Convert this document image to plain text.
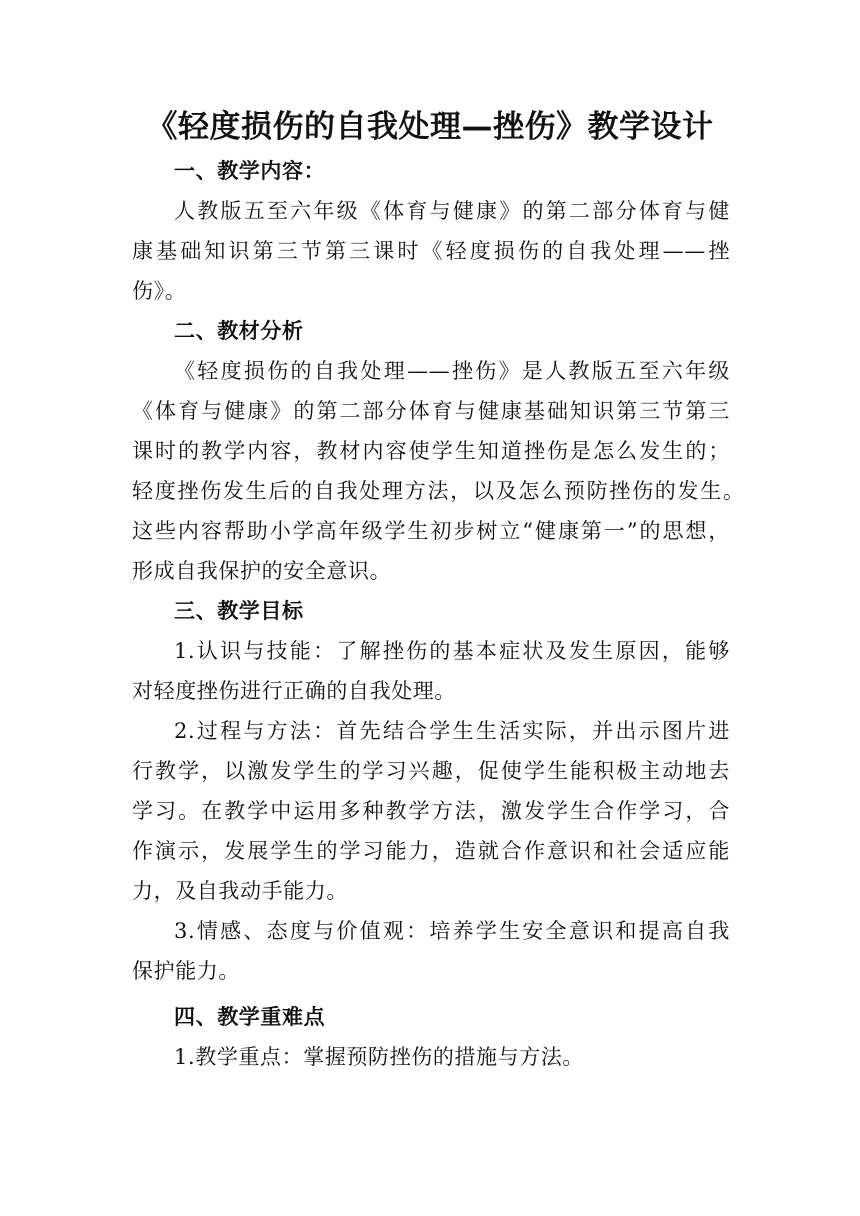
《轻度损伤的自我处理—挫伤》教学设计
一、教学内容：
人教版五至六年级《体育与健康》的第二部分体育与健
康基础知识第三节第三课时《轻度损伤的自我处理——挫
伤》。
二、教材分析
《轻度损伤的自我处理——挫伤》是人教版五至六年级
《体育与健康》的第二部分体育与健康基础知识第三节第三
课时的教学内容，教材内容使学生知道挫伤是怎么发生的；
轻度挫伤发生后的自我处理方法，以及怎么预防挫伤的发生。
这些内容帮助小学高年级学生初步树立“健康第一”的思想，
形成自我保护的安全意识。
三、教学目标
1.认识与技能：了解挫伤的基本症状及发生原因，能够
对轻度挫伤进行正确的自我处理。
2.过程与方法：首先结合学生生活实际，并出示图片进
行教学，以激发学生的学习兴趣，促使学生能积极主动地去
学习。在教学中运用多种教学方法，激发学生合作学习，合
作演示，发展学生的学习能力，造就合作意识和社会适应能
力，及自我动手能力。
3.情感、态度与价值观：培养学生安全意识和提高自我
保护能力。
四、教学重难点
1.教学重点：掌握预防挫伤的措施与方法。
